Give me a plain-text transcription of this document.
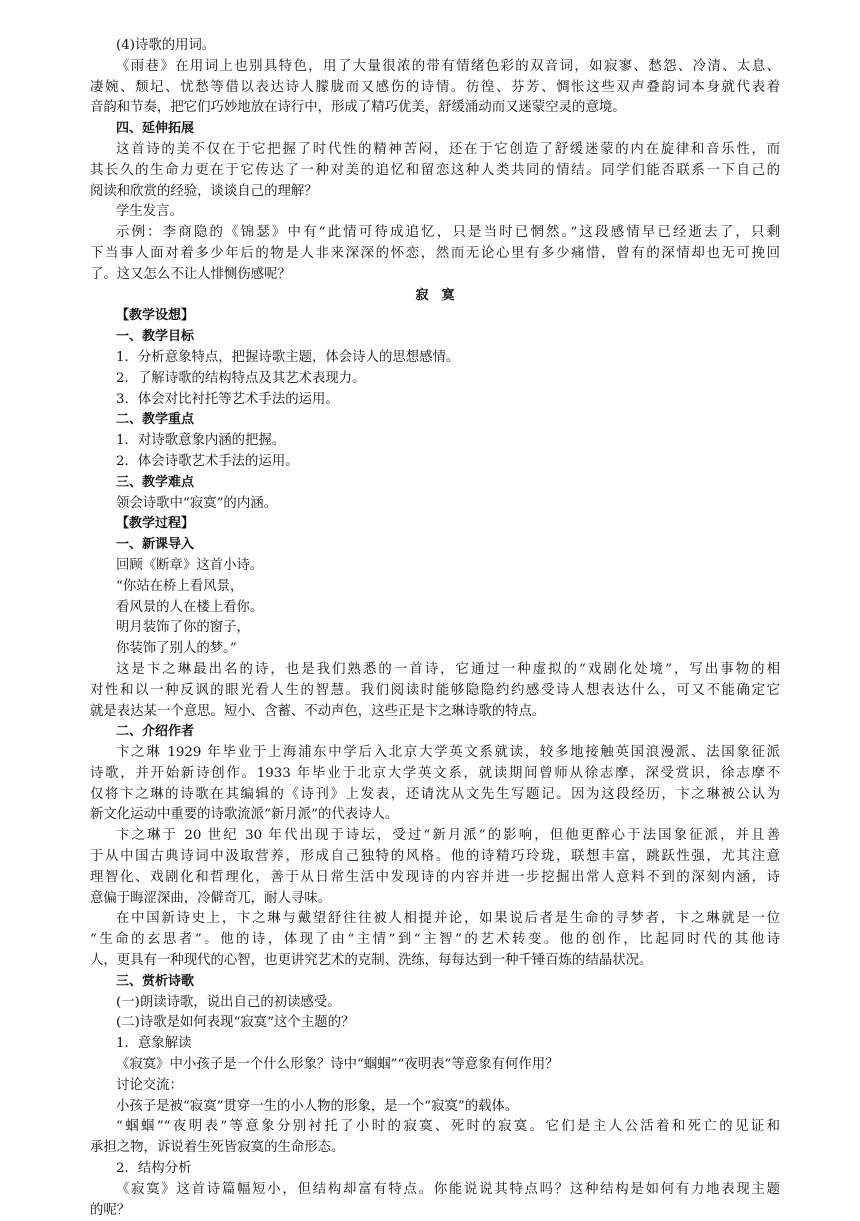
(4)诗歌的用词。
《雨巷》在用词上也别具特色，用了大量很浓的带有情绪色彩的双音词，如寂寥、愁怨、冷清、太息、
凄婉、颓圮、忧愁等借以表达诗人朦胧而又感伤的诗情。彷徨、芬芳、惆怅这些双声叠韵词本身就代表着
音韵和节奏，把它们巧妙地放在诗行中，形成了精巧优美，舒缓涌动而又迷蒙空灵的意境。
四、延伸拓展
这首诗的美不仅在于它把握了时代性的精神苦闷，还在于它创造了舒缓迷蒙的内在旋律和音乐性，而
其长久的生命力更在于它传达了一种对美的追忆和留恋这种人类共同的情结。同学们能否联系一下自己的
阅读和欣赏的经验，谈谈自己的理解？
学生发言。
示例：李商隐的《锦瑟》中有“此情可待成追忆，只是当时已惘然。”这段感情早已经逝去了，只剩
下当事人面对着多少年后的物是人非来深深的怀恋，然而无论心里有多少痛惜，曾有的深情却也无可挽回
了。这又怎么不让人悱恻伤感呢？
寂　寞
【教学设想】
一、教学目标
1．分析意象特点，把握诗歌主题，体会诗人的思想感情。
2．了解诗歌的结构特点及其艺术表现力。
3．体会对比衬托等艺术手法的运用。
二、教学重点
1．对诗歌意象内涵的把握。
2．体会诗歌艺术手法的运用。
三、教学难点
领会诗歌中“寂寞”的内涵。
【教学过程】
一、新课导入
回顾《断章》这首小诗。
“你站在桥上看风景，
看风景的人在楼上看你。
明月装饰了你的窗子，
你装饰了别人的梦。”
这是卞之琳最出名的诗，也是我们熟悉的一首诗，它通过一种虚拟的“戏剧化处境”，写出事物的相
对性和以一种反讽的眼光看人生的智慧。我们阅读时能够隐隐约约感受诗人想表达什么，可又不能确定它
就是表达某一个意思。短小、含蓄、不动声色，这些正是卞之琳诗歌的特点。
二、介绍作者
卞之琳 1929 年毕业于上海浦东中学后入北京大学英文系就读，较多地接触英国浪漫派、法国象征派
诗歌，并开始新诗创作。1933 年毕业于北京大学英文系，就读期间曾师从徐志摩，深受赏识，徐志摩不
仅将卞之琳的诗歌在其编辑的《诗刊》上发表，还请沈从文先生写题记。因为这段经历，卞之琳被公认为
新文化运动中重要的诗歌流派“新月派”的代表诗人。
卞之琳于 20 世纪 30 年代出现于诗坛，受过“新月派”的影响，但他更醉心于法国象征派，并且善
于从中国古典诗词中汲取营养，形成自己独特的风格。他的诗精巧玲珑，联想丰富，跳跃性强，尤其注意
理智化、戏剧化和哲理化，善于从日常生活中发现诗的内容并进一步挖掘出常人意料不到的深刻内涵，诗
意偏于晦涩深曲，冷僻奇兀，耐人寻味。
在中国新诗史上，卞之琳与戴望舒往往被人相提并论，如果说后者是生命的寻梦者，卞之琳就是一位
“生命的玄思者”。他的诗，体现了由“主情”到“主智”的艺术转变。他的创作，比起同时代的其他诗
人，更具有一种现代的心智，也更讲究艺术的克制、洗练，每每达到一种千锤百炼的结晶状况。
三、赏析诗歌
(一)朗读诗歌，说出自己的初读感受。
(二)诗歌是如何表现“寂寞”这个主题的？
1．意象解读
《寂寞》中小孩子是一个什么形象？诗中“蝈蝈”“夜明表”等意象有何作用？
讨论交流：
小孩子是被“寂寞”贯穿一生的小人物的形象，是一个“寂寞”的载体。
“蝈蝈”“夜明表”等意象分别衬托了小时的寂寞、死时的寂寞。它们是主人公活着和死亡的见证和
承担之物，诉说着生死皆寂寞的生命形态。
2．结构分析
《寂寞》这首诗篇幅短小，但结构却富有特点。你能说说其特点吗？这种结构是如何有力地表现主题
的呢？
